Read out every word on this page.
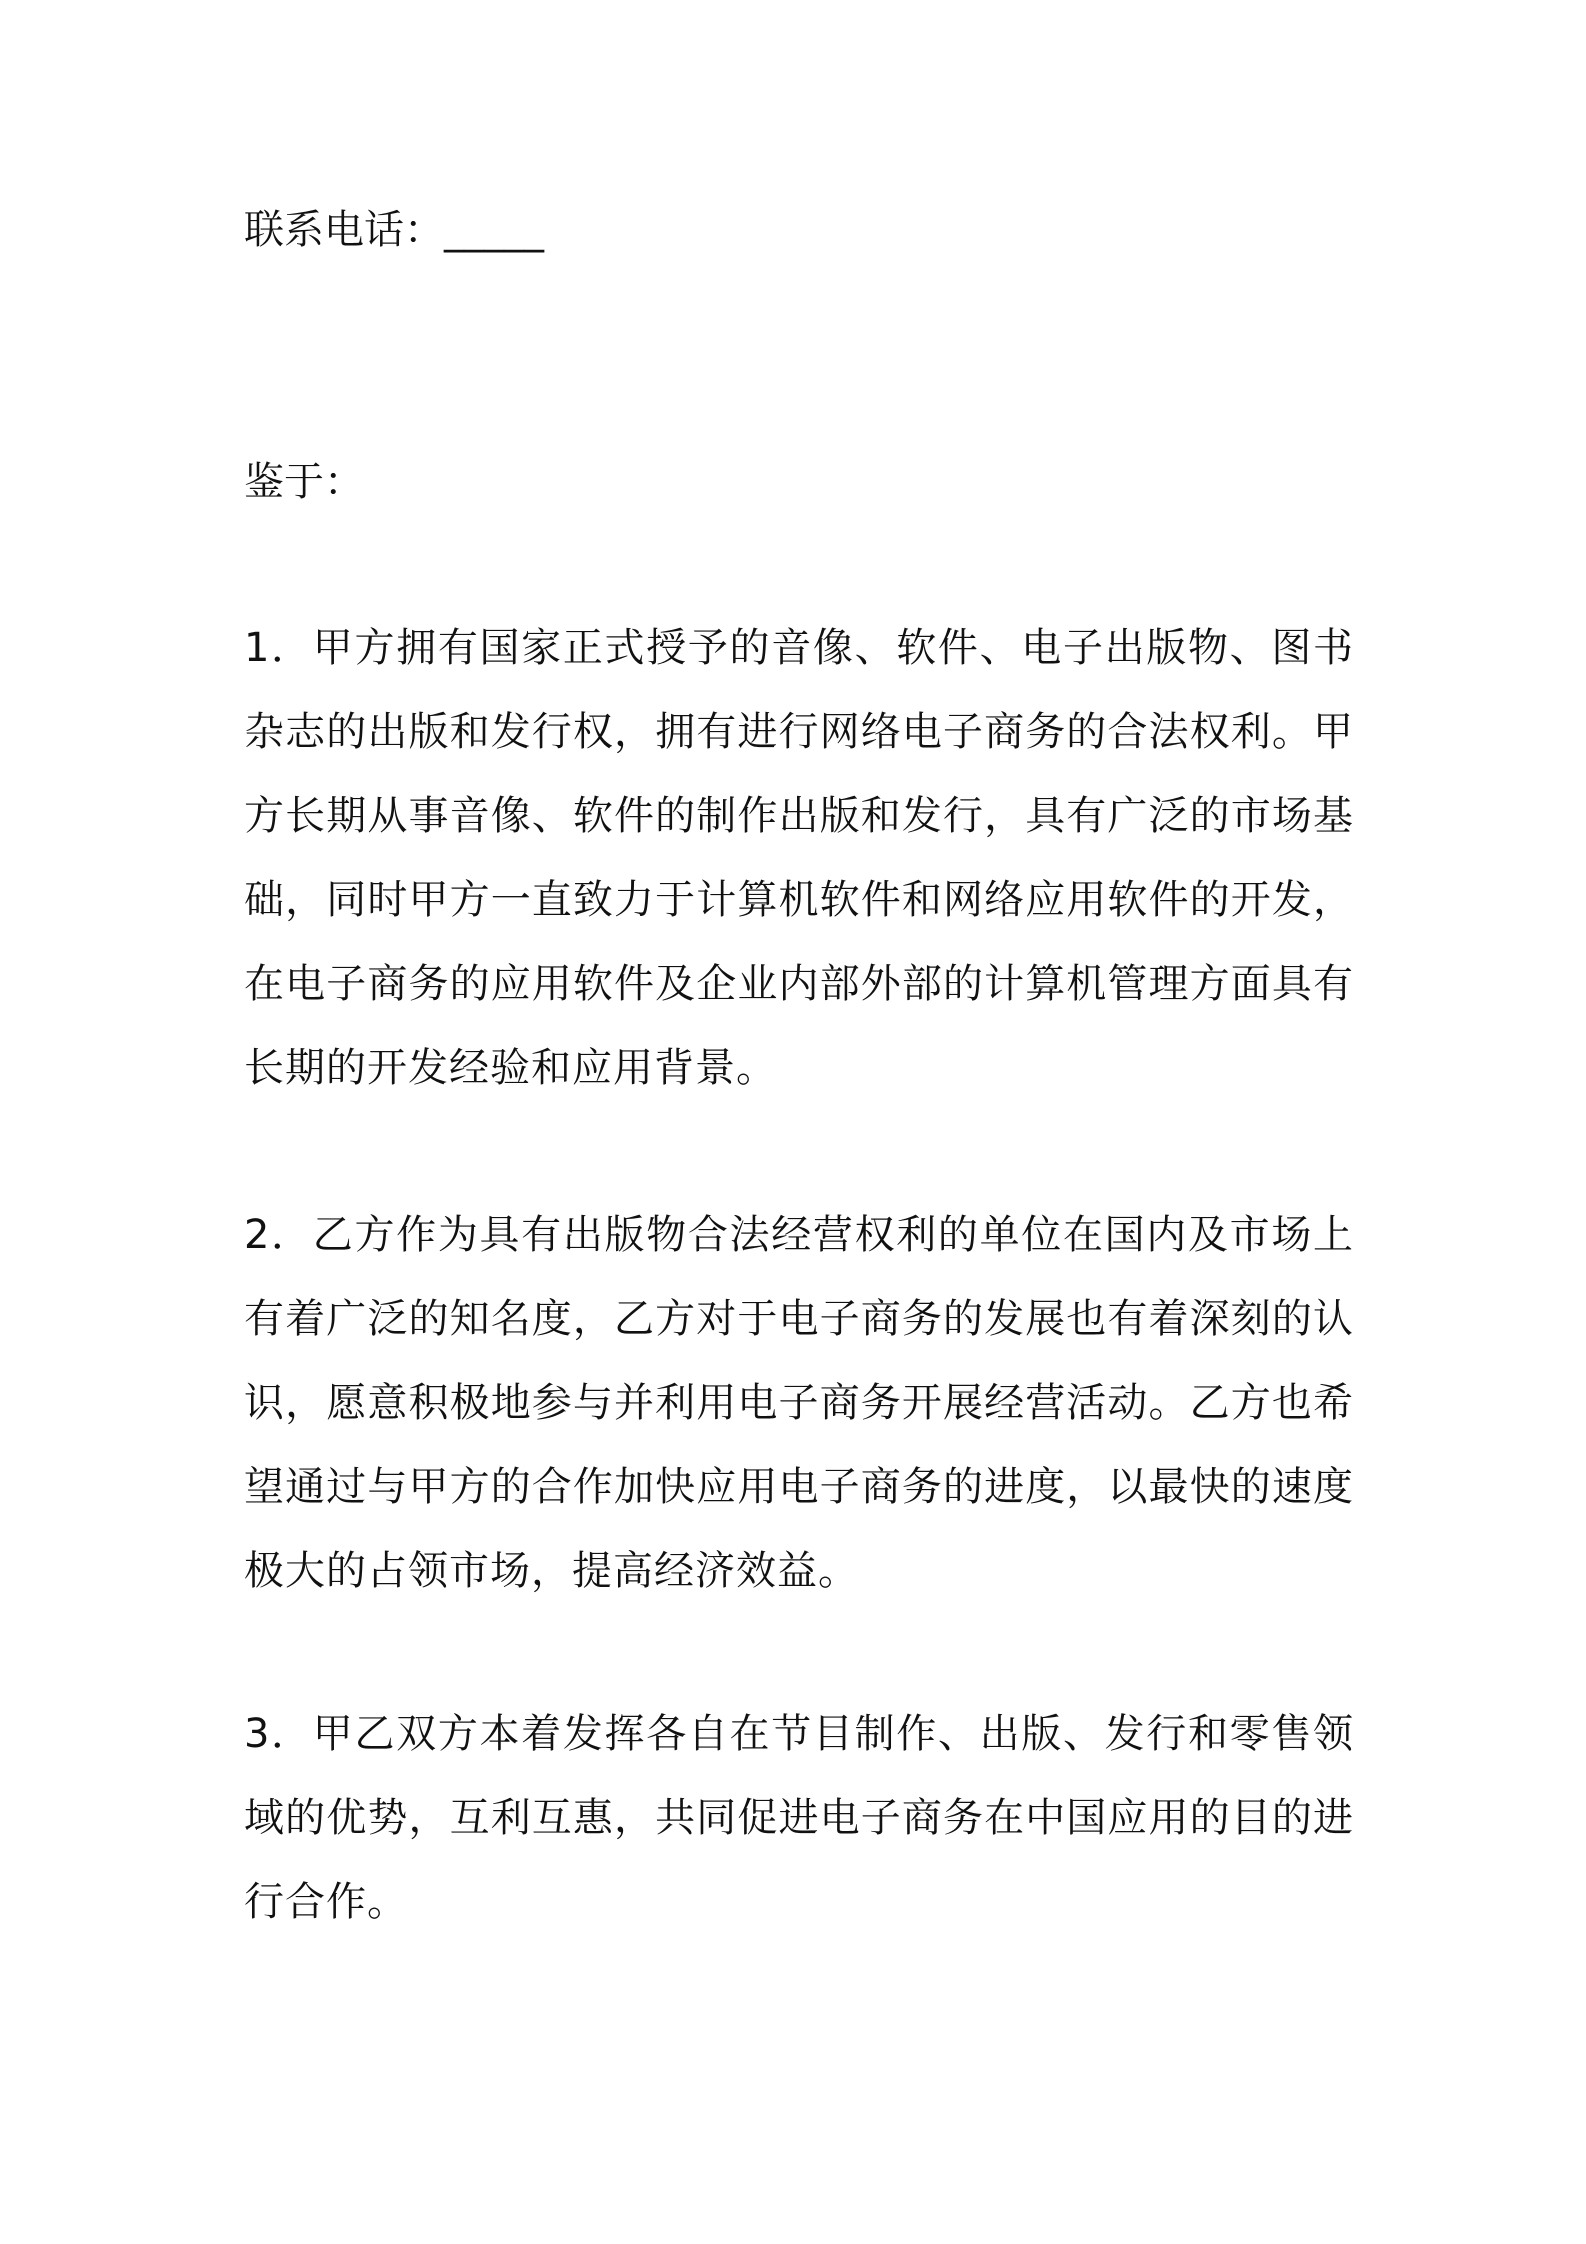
联系电话：_____
鉴于：
1．甲方拥有国家正式授予的音像、软件、电子出版物、图书杂志的出版和发行权，拥有进行网络电子商务的合法权利。甲方长期从事音像、软件的制作出版和发行，具有广泛的市场基础，同时甲方一直致力于计算机软件和网络应用软件的开发，在电子商务的应用软件及企业内部外部的计算机管理方面具有长期的开发经验和应用背景。
2．乙方作为具有出版物合法经营权利的单位在国内及市场上有着广泛的知名度，乙方对于电子商务的发展也有着深刻的认识，愿意积极地参与并利用电子商务开展经营活动。乙方也希望通过与甲方的合作加快应用电子商务的进度，以最快的速度极大的占领市场，提高经济效益。
3．甲乙双方本着发挥各自在节目制作、出版、发行和零售领域的优势，互利互惠，共同促进电子商务在中国应用的目的进行合作。
